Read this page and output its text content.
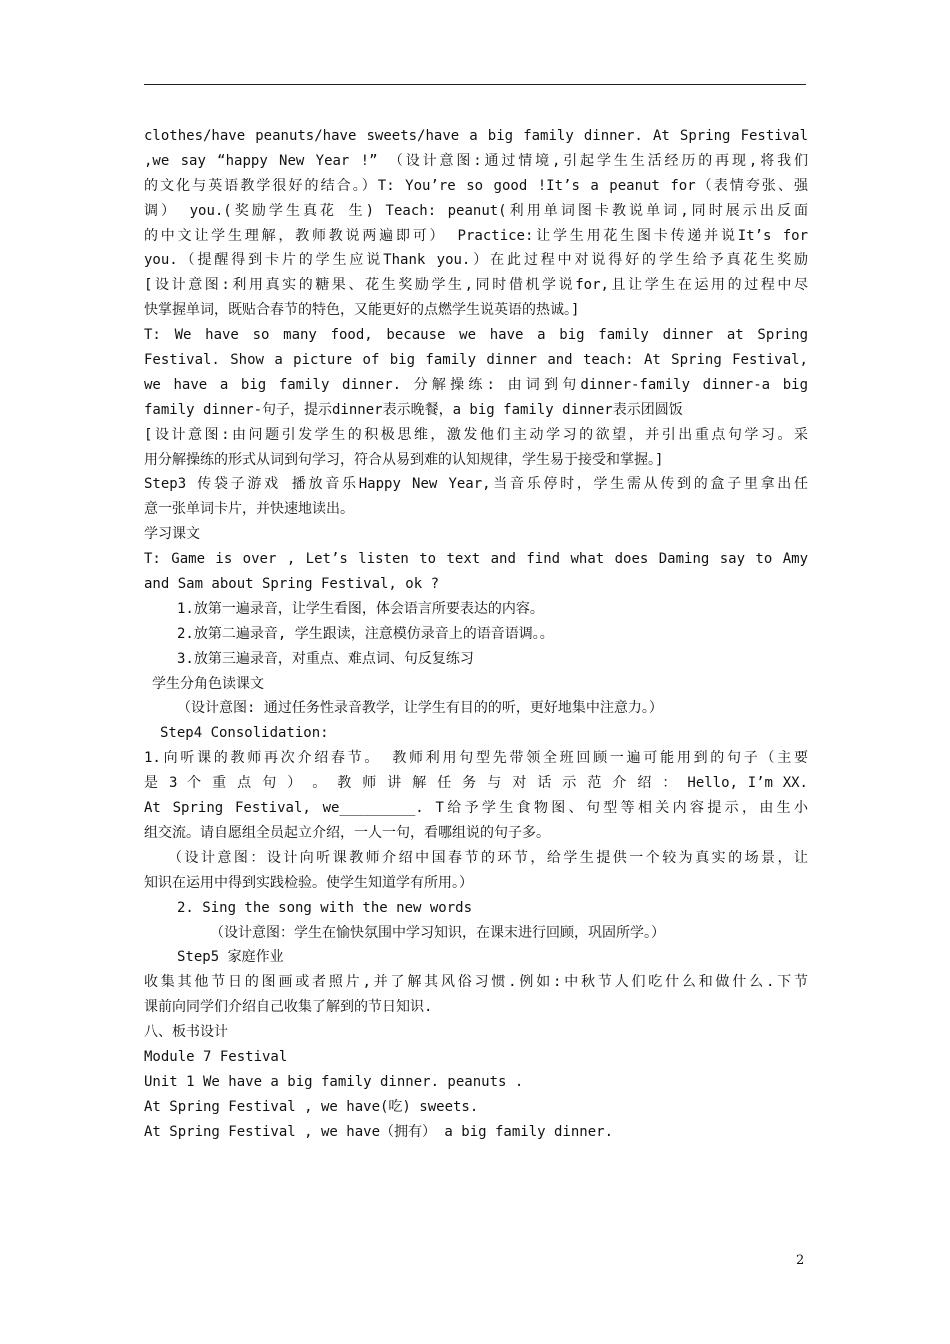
clothes/have peanuts/have sweets/have a big family dinner. At Spring Festival
,we say “happy New Year !” （设计意图:通过情境,引起学生生活经历的再现,将我们
的文化与英语教学很好的结合。）T: You’re so good !It’s a peanut for（表情夸张、强
调） you.(奖励学生真花 生) Teach: peanut(利用单词图卡教说单词,同时展示出反面
的中文让学生理解，教师教说两遍即可） Practice:让学生用花生图卡传递并说It’s for
you.（提醒得到卡片的学生应说Thank you.）在此过程中对说得好的学生给予真花生奖励
[设计意图:利用真实的糖果、花生奖励学生,同时借机学说for,且让学生在运用的过程中尽
快掌握单词，既贴合春节的特色，又能更好的点燃学生说英语的热诚。]
T: We have so many food, because we have a big family dinner at Spring
Festival. Show a picture of big family dinner and teach: At Spring Festival,
we have a big family dinner. 分解操练: 由词到句dinner-family dinner-a big
family dinner-句子，提示dinner表示晚餐，a big family dinner表示团圆饭
[设计意图:由问题引发学生的积极思维，激发他们主动学习的欲望，并引出重点句学习。采
用分解操练的形式从词到句学习，符合从易到难的认知规律，学生易于接受和掌握。]
Step3 传袋子游戏 播放音乐Happy New Year,当音乐停时，学生需从传到的盒子里拿出任
意一张单词卡片，并快速地读出。
学习课文
T: Game is over , Let’s listen to text and find what does Daming say to Amy
and Sam about Spring Festival, ok ?
1.放第一遍录音，让学生看图，体会语言所要表达的内容。
2.放第二遍录音, 学生跟读，注意模仿录音上的语音语调。。
3.放第三遍录音，对重点、难点词、句反复练习
学生分角色读课文
（设计意图: 通过任务性录音教学，让学生有目的的听，更好地集中注意力。）
Step4 Consolidation:
1.向听课的教师再次介绍春节。 教师利用句型先带领全班回顾一遍可能用到的句子（主要
是 3 个 重 点 句 ） 。 教 师 讲 解 任 务 与 对 话 示 范 介 绍 ： Hello, I’m XX.
At Spring Festival, we_________. T给予学生食物图、句型等相关内容提示，由生小
组交流。请自愿组全员起立介绍，一人一句，看哪组说的句子多。
（设计意图：设计向听课教师介绍中国春节的环节，给学生提供一个较为真实的场景，让
知识在运用中得到实践检验。使学生知道学有所用。）
2. Sing the song with the new words
（设计意图：学生在愉快氛围中学习知识，在课末进行回顾，巩固所学。）
Step5 家庭作业
收集其他节日的图画或者照片,并了解其风俗习惯.例如:中秋节人们吃什么和做什么.下节
课前向同学们介绍自己收集了解到的节日知识.
八、板书设计
Module 7 Festival
Unit 1 We have a big family dinner. peanuts .
At Spring Festival , we have(吃) sweets.
At Spring Festival , we have（拥有） a big family dinner.
2
